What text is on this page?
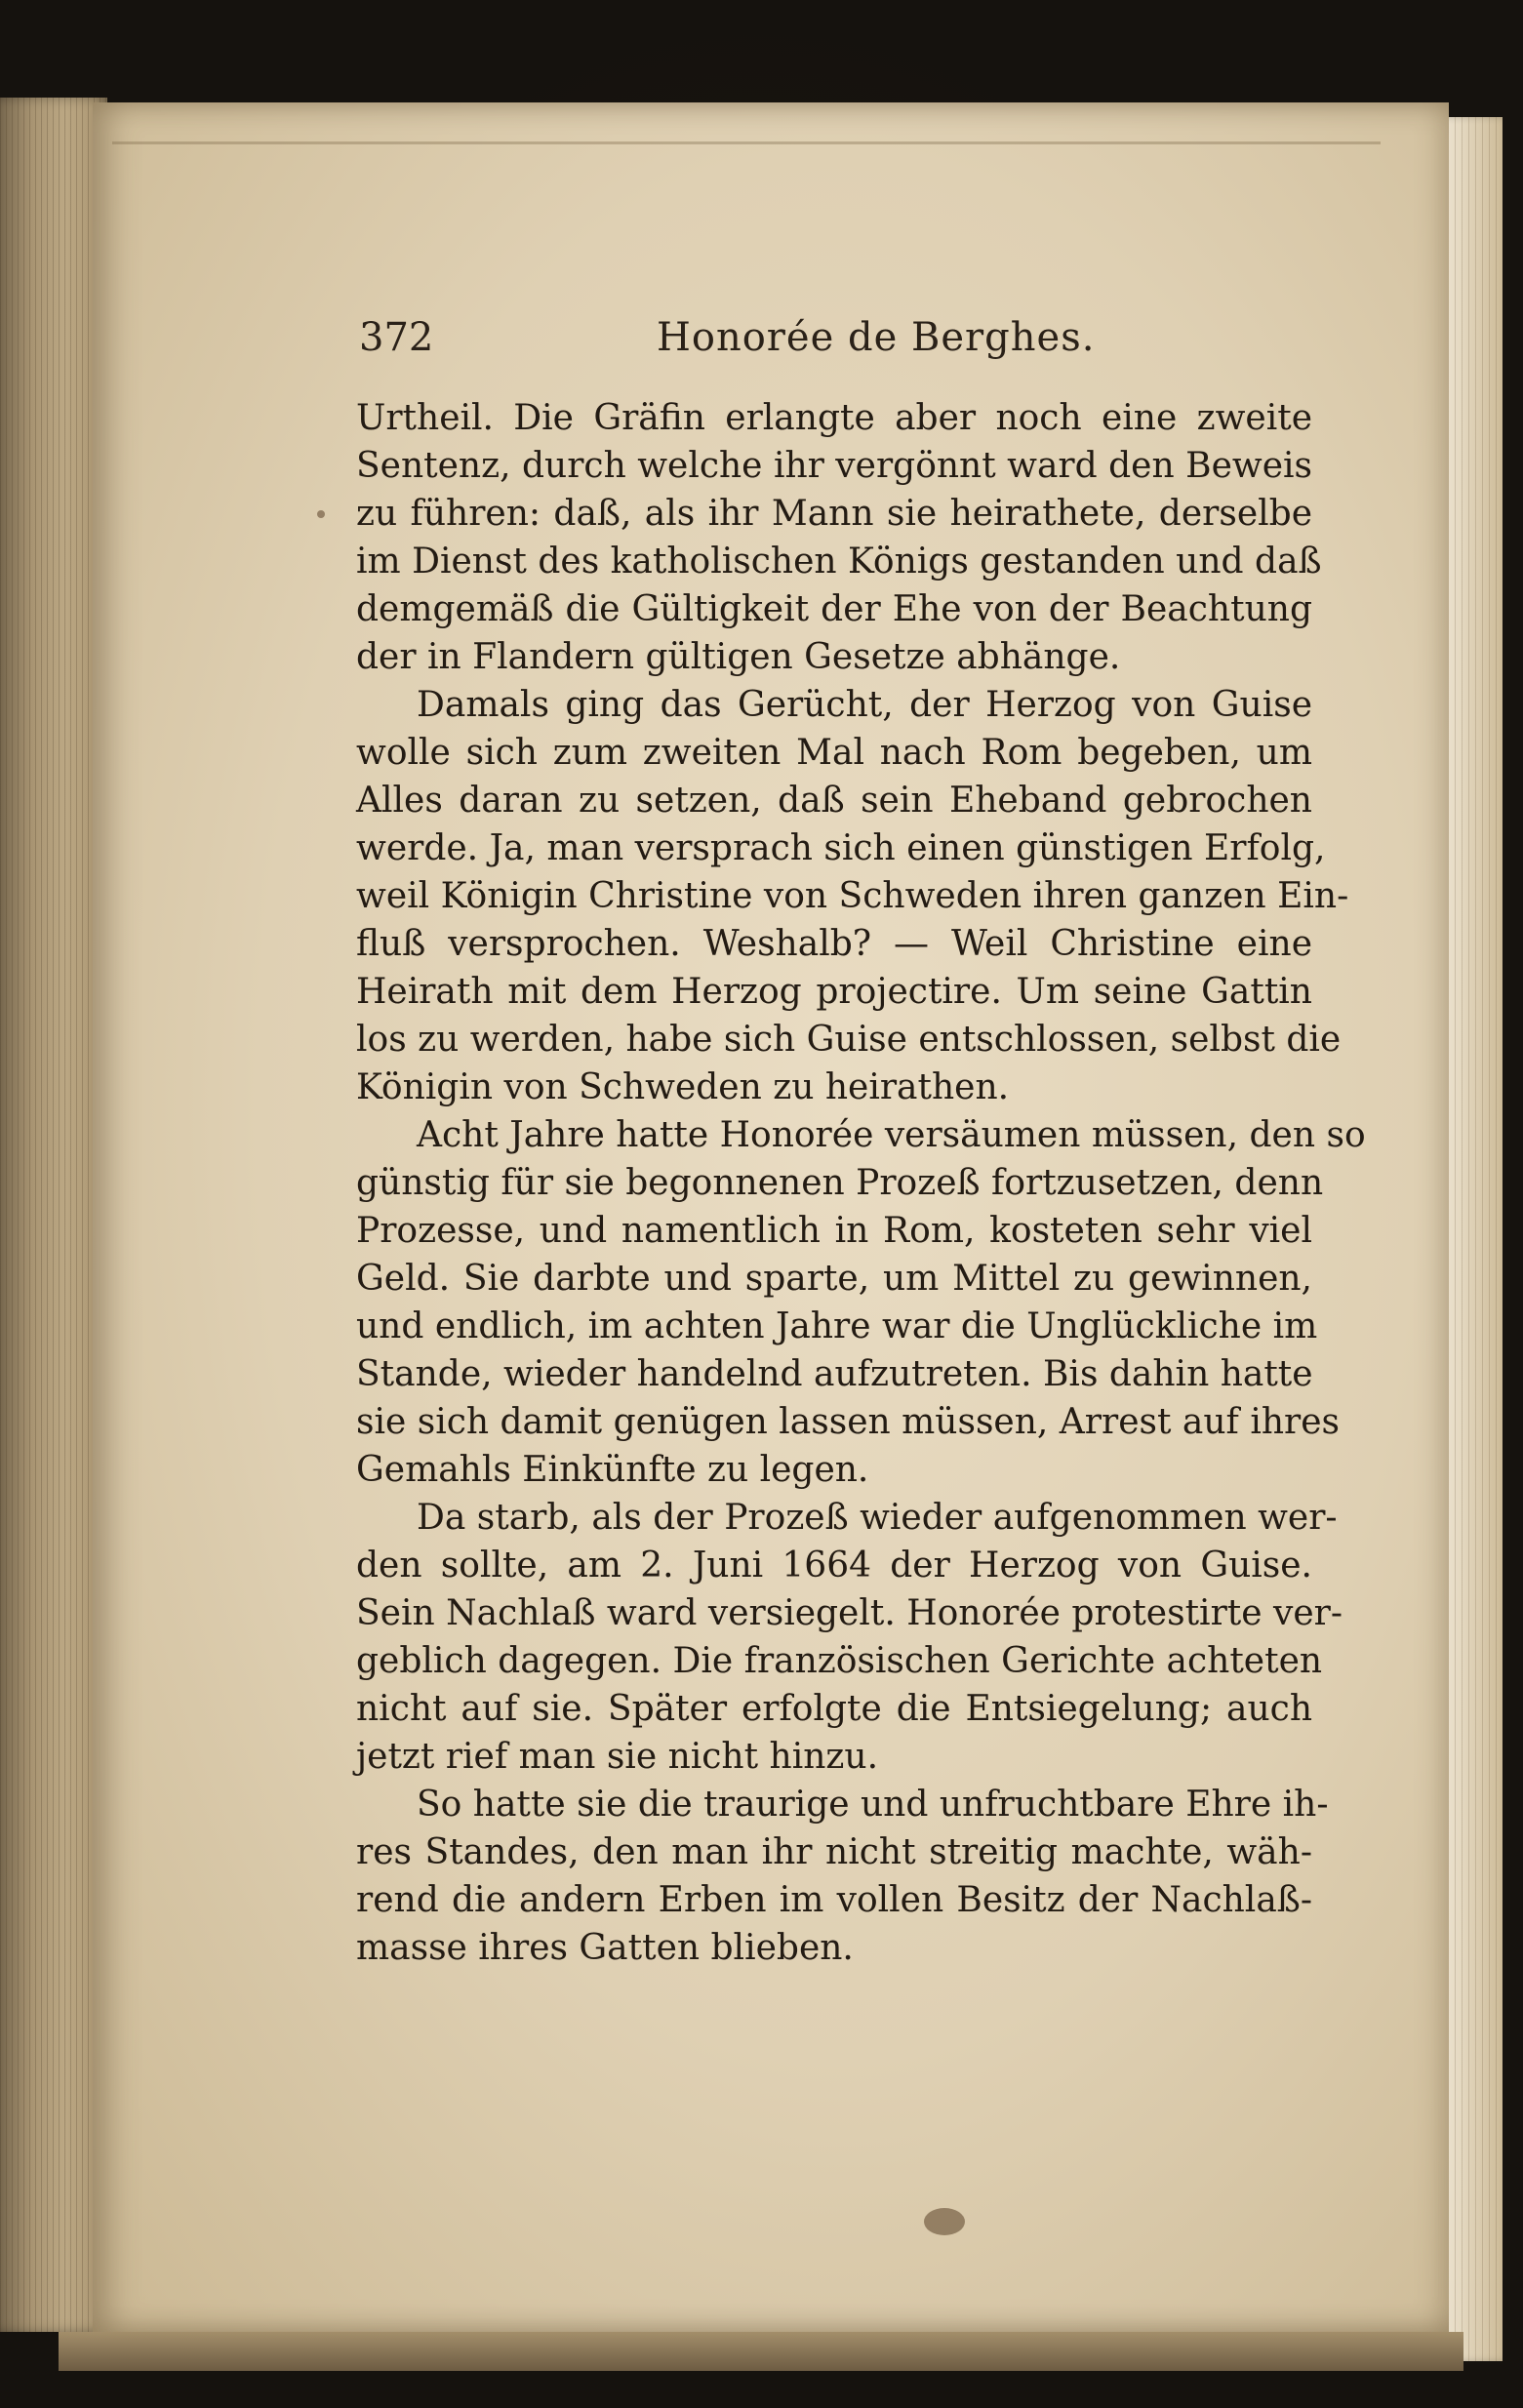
372	Honorée de Berghes.
Urtheil. Die Gräfin erlangte aber noch eine zweite
Sentenz, durch welche ihr vergönnt ward den Beweis
zu führen: daß, als ihr Mann sie heirathete, derselbe
im Dienst des katholischen Königs gestanden und daß
demgemäß die Gültigkeit der Ehe von der Beachtung
der in Flandern gültigen Gesetze abhänge.
Damals ging das Gerücht, der Herzog von Guise
wolle sich zum zweiten Mal nach Rom begeben, um
Alles daran zu setzen, daß sein Eheband gebrochen
werde. Ja, man versprach sich einen günstigen Erfolg,
weil Königin Christine von Schweden ihren ganzen Ein-
fluß versprochen. Weshalb? — Weil Christine eine
Heirath mit dem Herzog projectire. Um seine Gattin
los zu werden, habe sich Guise entschlossen, selbst die
Königin von Schweden zu heirathen.
Acht Jahre hatte Honorée versäumen müssen, den so
günstig für sie begonnenen Prozeß fortzusetzen, denn
Prozesse, und namentlich in Rom, kosteten sehr viel
Geld. Sie darbte und sparte, um Mittel zu gewinnen,
und endlich, im achten Jahre war die Unglückliche im
Stande, wieder handelnd aufzutreten. Bis dahin hatte
sie sich damit genügen lassen müssen, Arrest auf ihres
Gemahls Einkünfte zu legen.
Da starb, als der Prozeß wieder aufgenommen wer-
den sollte, am 2. Juni 1664 der Herzog von Guise.
Sein Nachlaß ward versiegelt. Honorée protestirte ver-
geblich dagegen. Die französischen Gerichte achteten
nicht auf sie. Später erfolgte die Entsiegelung; auch
jetzt rief man sie nicht hinzu.
So hatte sie die traurige und unfruchtbare Ehre ih-
res Standes, den man ihr nicht streitig machte, wäh-
rend die andern Erben im vollen Besitz der Nachlaß-
masse ihres Gatten blieben.
